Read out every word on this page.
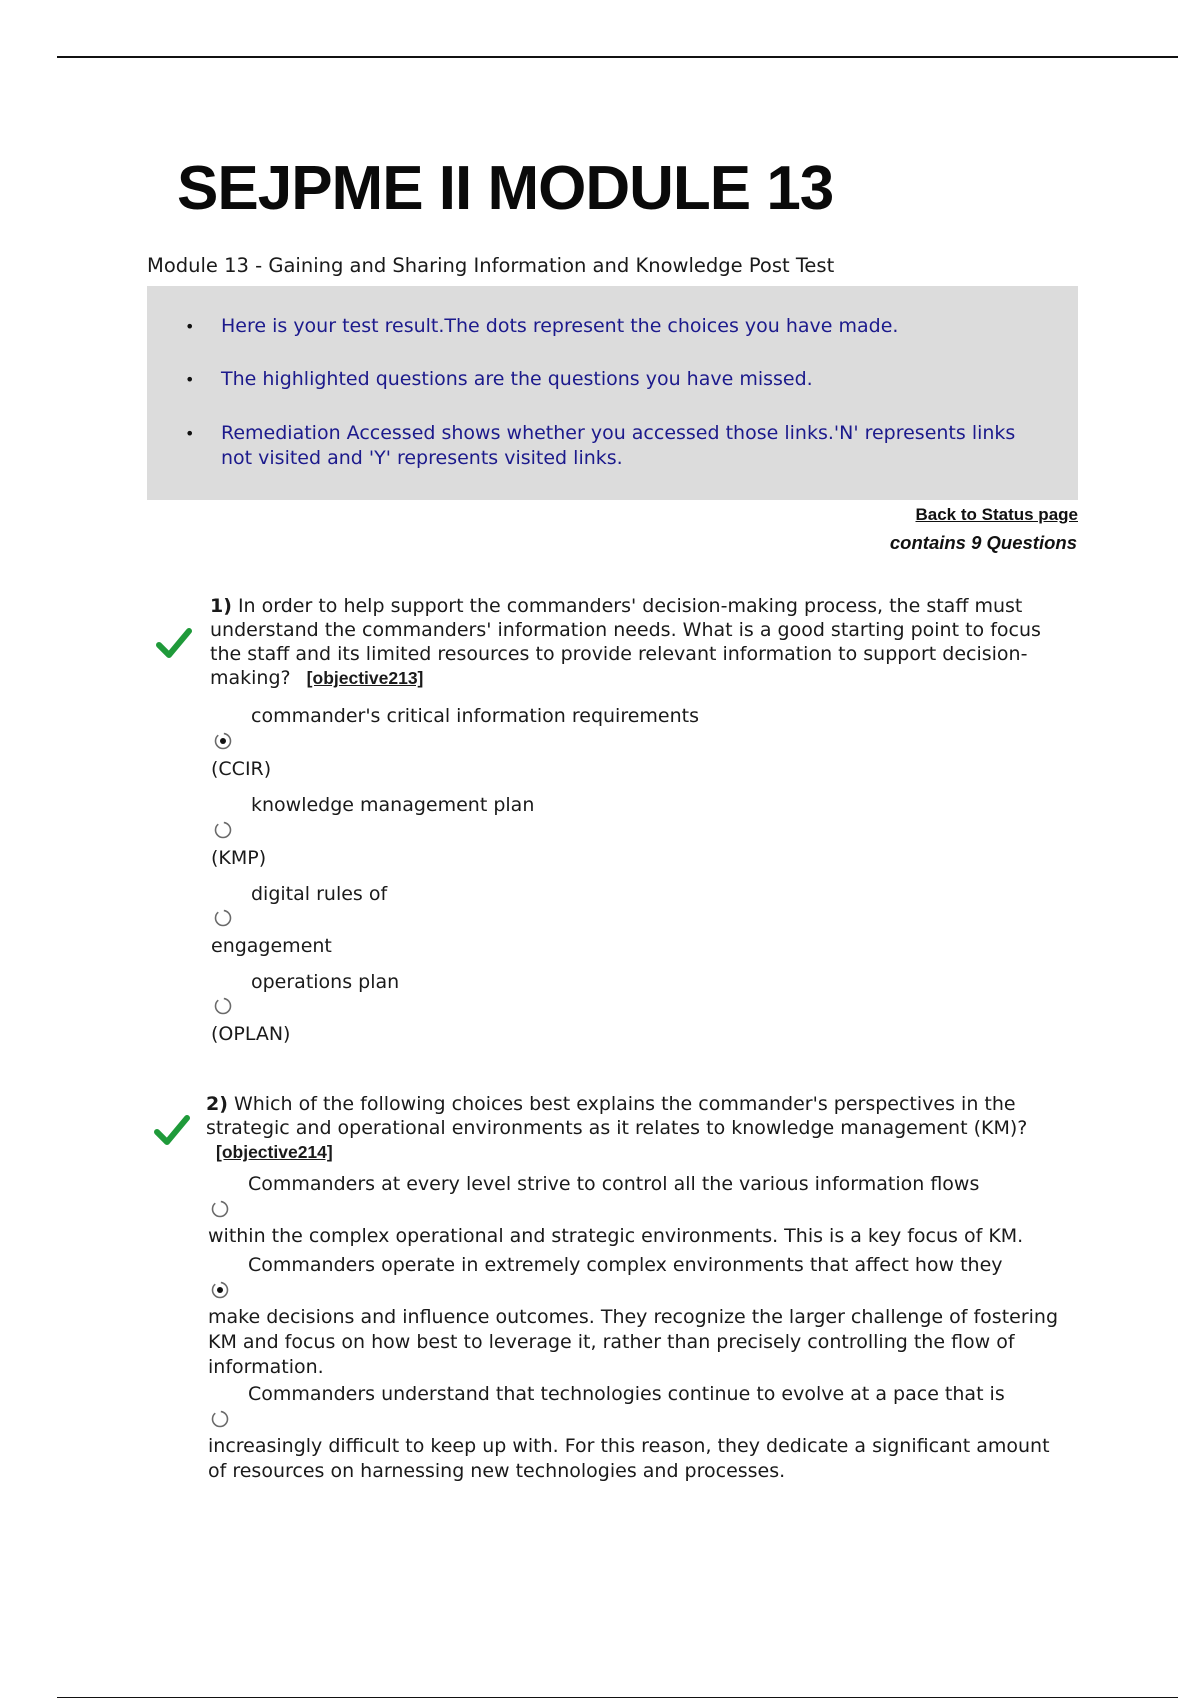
SEJPME II MODULE 13
Module 13 - Gaining and Sharing Information and Knowledge Post Test
• Here is your test result.The dots represent the choices you have made.
• The highlighted questions are the questions you have missed.
• Remediation Accessed shows whether you accessed those links.'N' represents links not visited and 'Y' represents visited links.
Back to Status page
contains 9 Questions
1) In order to help support the commanders' decision-making process, the staff must understand the commanders' information needs. What is a good starting point to focus the staff and its limited resources to provide relevant information to support decision-making? [objective213]
commander's critical information requirements
(CCIR)
knowledge management plan
(KMP)
digital rules of
engagement
operations plan
(OPLAN)
2) Which of the following choices best explains the commander's perspectives in the strategic and operational environments as it relates to knowledge management (KM)? [objective214]
Commanders at every level strive to control all the various information flows
within the complex operational and strategic environments. This is a key focus of KM.
Commanders operate in extremely complex environments that affect how they
make decisions and influence outcomes. They recognize the larger challenge of fostering KM and focus on how best to leverage it, rather than precisely controlling the flow of information.
Commanders understand that technologies continue to evolve at a pace that is
increasingly difficult to keep up with. For this reason, they dedicate a significant amount of resources on harnessing new technologies and processes.
